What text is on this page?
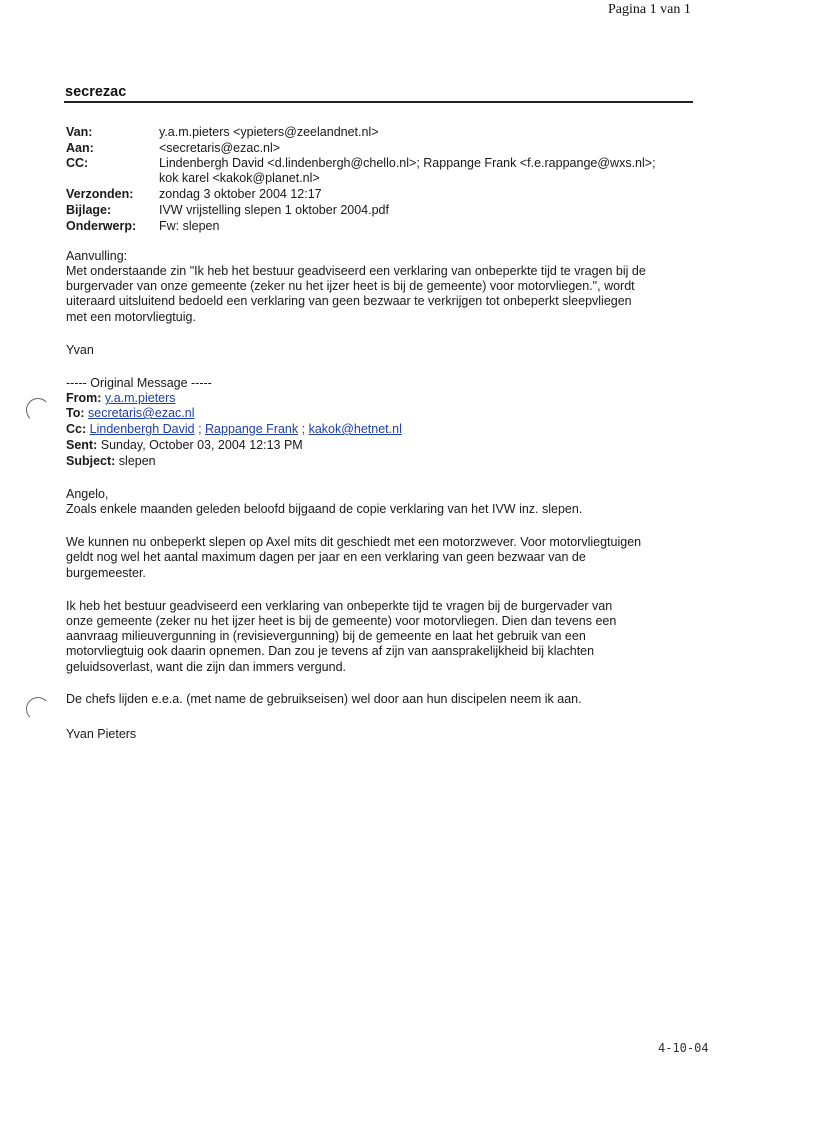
Pagina 1 van 1
secrezac
Van:	y.a.m.pieters <ypieters@zeelandnet.nl>
Aan:	<secretaris@ezac.nl>
CC:	Lindenbergh David <d.lindenbergh@chello.nl>; Rappange Frank <f.e.rappange@wxs.nl>;
kok karel <kakok@planet.nl>
Verzonden: zondag 3 oktober 2004 12:17
Bijlage:	IVW vrijstelling slepen 1 oktober 2004.pdf
Onderwerp: Fw: slepen
Aanvulling:
Met onderstaande zin "Ik heb het bestuur geadviseerd een verklaring van onbeperkte tijd te vragen bij de
burgervader van onze gemeente (zeker nu het ijzer heet is bij de gemeente) voor motorvliegen.", wordt
uiteraard uitsluitend bedoeld een verklaring van geen bezwaar te verkrijgen tot onbeperkt sleepvliegen
met een motorvliegtuig.
Yvan
----- Original Message -----
From: y.a.m.pieters
To: secretaris@ezac.nl
Cc: Lindenbergh David ; Rappange Frank ; kakok@hetnet.nl
Sent: Sunday, October 03, 2004 12:13 PM
Subject: slepen
Angelo,
Zoals enkele maanden geleden beloofd bijgaand de copie verklaring van het IVW inz. slepen.
We kunnen nu onbeperkt slepen op Axel mits dit geschiedt met een motorzwever. Voor motorvliegtuigen
geldt nog wel het aantal maximum dagen per jaar en een verklaring van geen bezwaar van de
burgemeester.
Ik heb het bestuur geadviseerd een verklaring van onbeperkte tijd te vragen bij de burgervader van
onze gemeente (zeker nu het ijzer heet is bij de gemeente) voor motorvliegen. Dien dan tevens een
aanvraag milieuvergunning in (revisievergunning) bij de gemeente en laat het gebruik van een
motorvliegtuig ook daarin opnemen. Dan zou je tevens af zijn van aansprakelijkheid bij klachten
geluidsoverlast, want die zijn dan immers vergund.
De chefs lijden e.e.a. (met name de gebruikseisen) wel door aan hun discipelen neem ik aan.
Yvan Pieters
4-10-04
